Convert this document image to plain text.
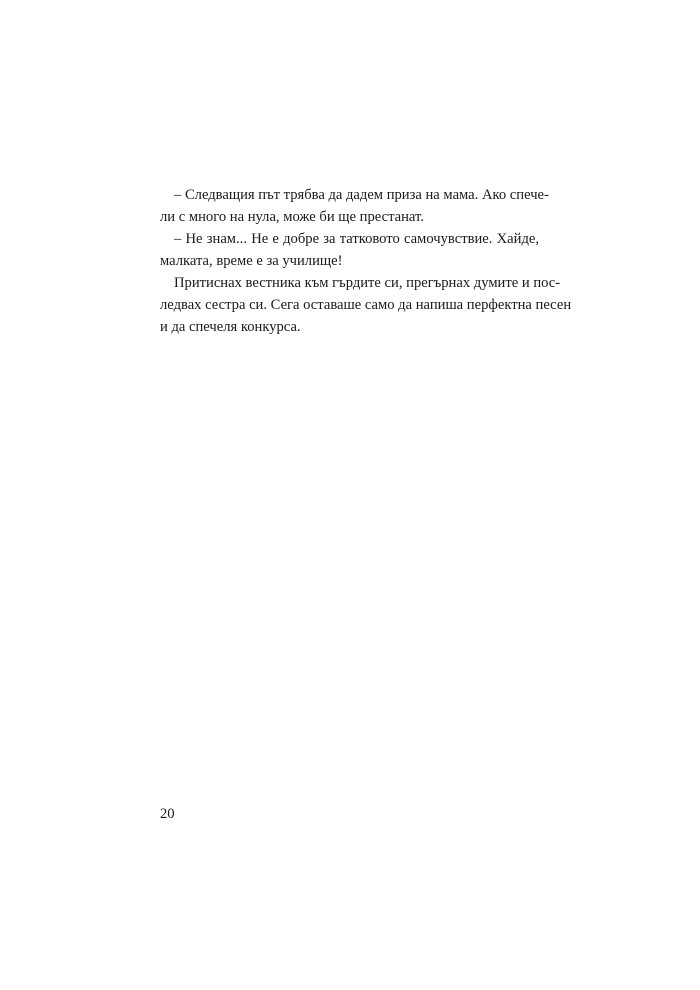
– Следващия път трябва да дадем приза на мама. Ако спече-
ли с много на нула, може би ще престанат.
– Не знам... Не е добре за татковото самочувствие. Хайде,
малката, време е за училище!
Притиснах вестника към гърдите си, прегърнах думите и пос-
ледвах сестра си. Сега оставаше само да напиша перфектна песен
и да спечеля конкурса.
20
